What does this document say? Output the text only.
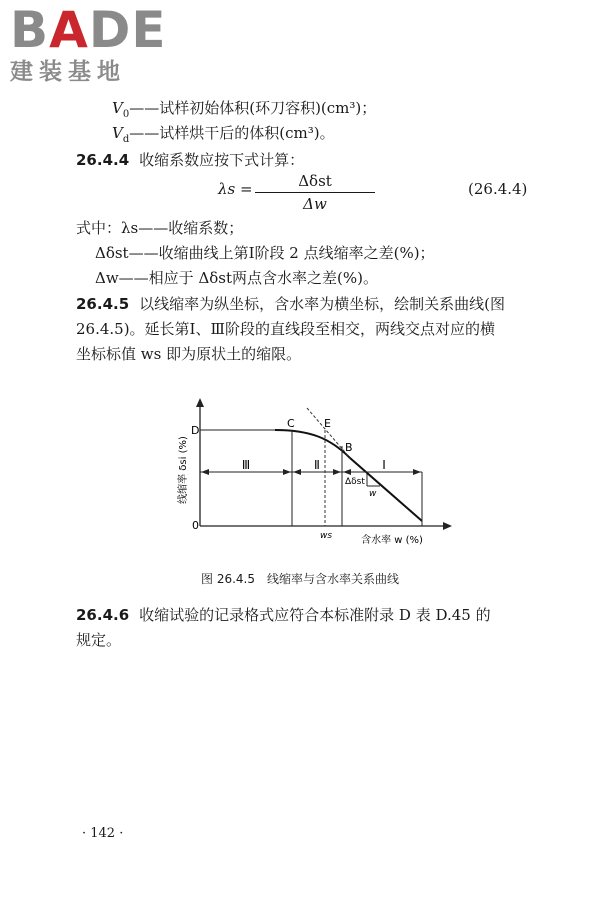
BADE
建装基地
$V_0——$试样初始体积(环刀容积)(cm³)；
$V_d——$试样烘干后的体积(cm³)。
26.4.4 收缩系数应按下式计算：
λs =	Δδst
Δw
(26.4.4)
式中：λs——收缩系数；
Δδst——收缩曲线上第Ⅰ阶段 2 点线缩率之差(%)；
Δw——相应于 Δδst两点含水率之差(%)。
26.4.5 以线缩率为纵坐标，含水率为横坐标，绘制关系曲线(图
26.4.5)。延长第Ⅰ、Ⅲ阶段的直线段至相交，两线交点对应的横
坐标标值 ws 即为原状土的缩限。
线缩率 δsi (%)
含水率 w (%)
D
0
Ⅲ	Ⅱ	Ⅰ
C	E
B
Δδst
w
ws
图 26.4.5　线缩率与含水率关系曲线
26.4.6 收缩试验的记录格式应符合本标准附录 D 表 D.45 的
规定。
· 142 ·
